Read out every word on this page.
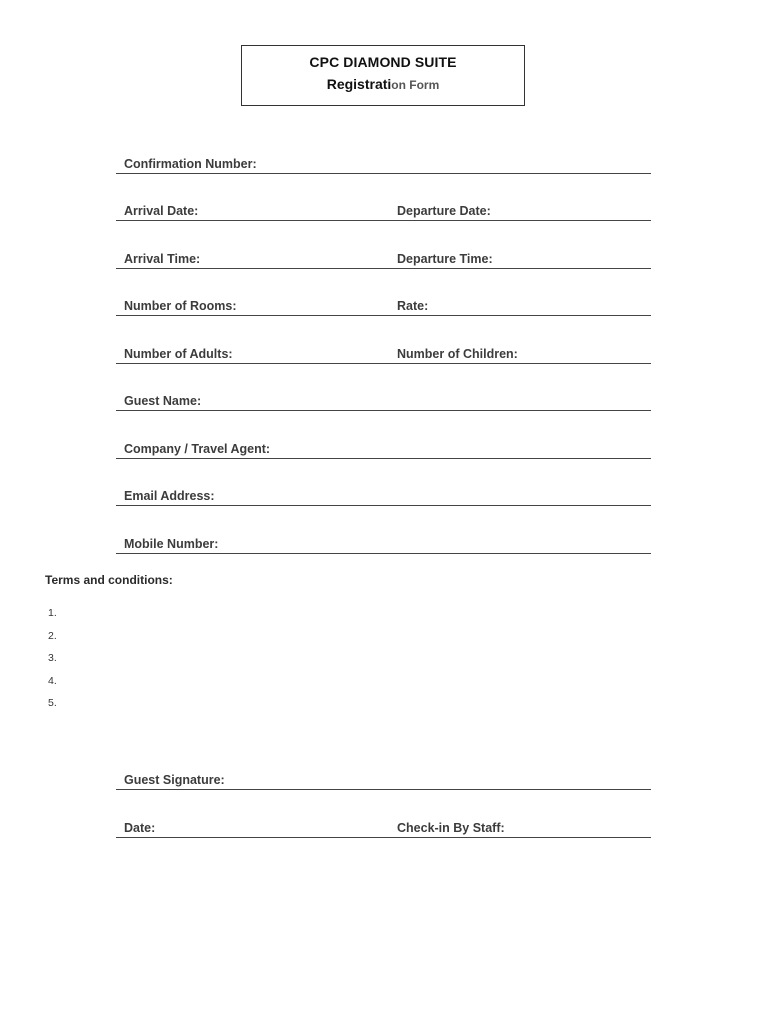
CPC DIAMOND SUITE
Registration Form
Confirmation Number:
Arrival Date:	Departure Date:
Arrival Time:	Departure Time:
Number of Rooms:	Rate:
Number of Adults:	Number of Children:
Guest Name:
Company / Travel Agent:
Email Address:
Mobile Number:
Terms and conditions:
1.
2.
3.
4.
5.
Guest Signature:
Date:	Check-in By Staff:
